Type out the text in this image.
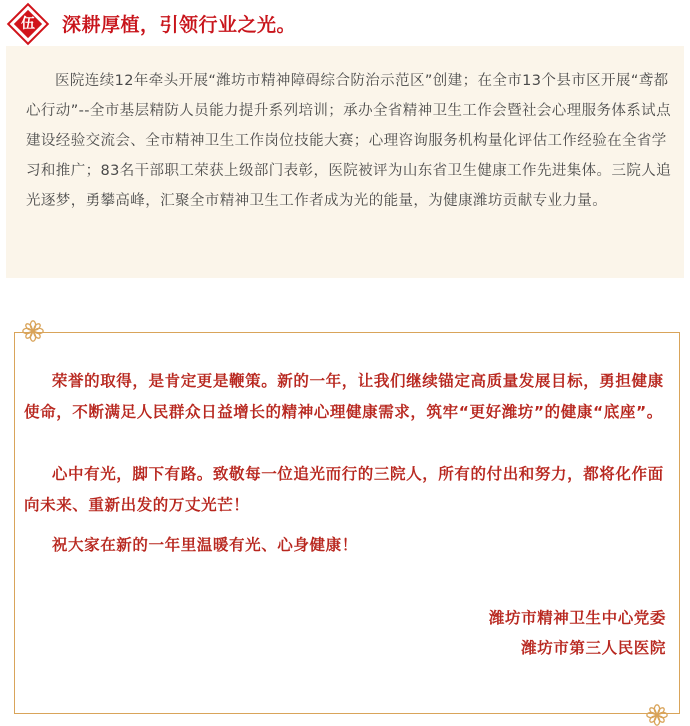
伍	深耕厚植，引领行业之光。

医院连续12年牵头开展“潍坊市精神障碍综合防治示范区”创建；在全市13个县市区开展“鸢都心行动”--全市基层精防人员能力提升系列培训；承办全省精神卫生工作会暨社会心理服务体系试点建设经验交流会、全市精神卫生工作岗位技能大赛；心理咨询服务机构量化评估工作经验在全省学习和推广；83名干部职工荣获上级部门表彰，医院被评为山东省卫生健康工作先进集体。三院人追光逐梦，勇攀高峰，汇聚全市精神卫生工作者成为光的能量，为健康潍坊贡献专业力量。

荣誉的取得，是肯定更是鞭策。新的一年，让我们继续锚定高质量发展目标，勇担健康使命，不断满足人民群众日益增长的精神心理健康需求，筑牢“更好潍坊”的健康“底座”。

心中有光，脚下有路。致敬每一位追光而行的三院人，所有的付出和努力，都将化作面向未来、重新出发的万丈光芒！

祝大家在新的一年里温暖有光、心身健康！

潍坊市精神卫生中心党委
潍坊市第三人民医院
